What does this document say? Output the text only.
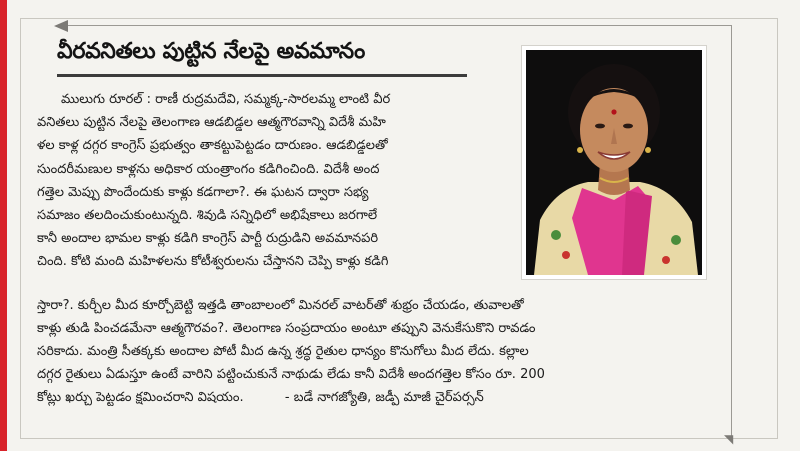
◥
వీరవనితలు పుట్టిన నేలపై అవమానం
ములుగు రూరల్ : రాణీ రుద్రమదేవి, సమ్మక్క-సారలమ్మ లాంటి వీర
వనితలు పుట్టిన నేలపై తెలంగాణ ఆడబిడ్డల ఆత్మగౌరవాన్ని విదేశీ మహి
ళల కాళ్ల దగ్గర కాంగ్రెస్ ప్రభుత్వం తాకట్టుపెట్టడం దారుణం. ఆడబిడ్డలతో
సుందరీమణుల కాళ్లను అధికార యంత్రాంగం కడిగించింది. విదేశీ అంద
గత్తెల మెప్పు పొందేందుకు కాళ్లు కడగాలా?. ఈ ఘటన ద్వారా సభ్య
సమాజం తలదించుకుంటున్నది. శివుడి సన్నిధిలో అభిషేకాలు జరగాలే
కానీ అందాల భామల కాళ్లు కడిగి కాంగ్రెస్ పార్టీ రుద్రుడిని అవమానపరి
చింది. కోటి మంది మహిళలను కోటీశ్వరులను చేస్తానని చెప్పి కాళ్లు కడిగి
స్తారా?. కుర్చీల మీద కూర్చోబెట్టి ఇత్తడి తాంబాలంలో మినరల్ వాటర్‌తో శుభ్రం చేయడం, తువాలతో
కాళ్లు తుడి పించడమేనా ఆత్మగౌరవం?. తెలంగాణ సంప్రదాయం అంటూ తప్పుని వెనుకేసుకొని రావడం
సరికాదు. మంత్రి సీతక్కకు అందాల పోటీ మీద ఉన్న శ్రద్ధ రైతుల ధాన్యం కొనుగోలు మీద లేదు. కల్లాల
దగ్గర రైతులు ఏడుస్తూ ఉంటే వారిని పట్టించుకునే నాథుడు లేడు కానీ విదేశీ అందగత్తెల కోసం రూ. 200
కోట్లు ఖర్చు పెట్టడం క్షమించరాని విషయం.          - బడే నాగజ్యోతి, జడ్పీ మాజీ చైర్‌పర్సన్
